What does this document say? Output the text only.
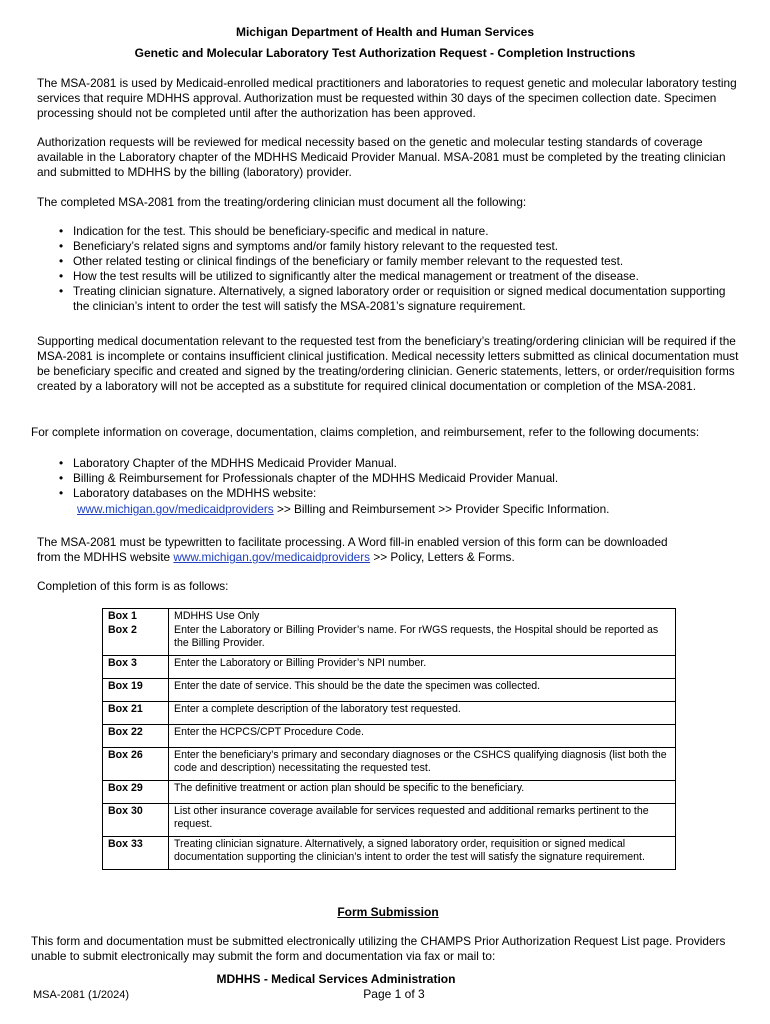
Michigan Department of Health and Human Services
Genetic and Molecular Laboratory Test Authorization Request - Completion Instructions

The MSA-2081 is used by Medicaid-enrolled medical practitioners and laboratories to request genetic and molecular laboratory testing services that require MDHHS approval. Authorization must be requested within 30 days of the specimen collection date. Specimen processing should not be completed until after the authorization has been approved.

Authorization requests will be reviewed for medical necessity based on the genetic and molecular testing standards of coverage available in the Laboratory chapter of the MDHHS Medicaid Provider Manual. MSA-2081 must be completed by the treating clinician and submitted to MDHHS by the billing (laboratory) provider.

The completed MSA-2081 from the treating/ordering clinician must document all the following:

• Indication for the test. This should be beneficiary-specific and medical in nature.
• Beneficiary’s related signs and symptoms and/or family history relevant to the requested test.
• Other related testing or clinical findings of the beneficiary or family member relevant to the requested test.
• How the test results will be utilized to significantly alter the medical management or treatment of the disease.
• Treating clinician signature. Alternatively, a signed laboratory order or requisition or signed medical documentation supporting the clinician’s intent to order the test will satisfy the MSA-2081’s signature requirement.

Supporting medical documentation relevant to the requested test from the beneficiary’s treating/ordering clinician will be required if the MSA-2081 is incomplete or contains insufficient clinical justification. Medical necessity letters submitted as clinical documentation must be beneficiary specific and created and signed by the treating/ordering clinician. Generic statements, letters, or order/requisition forms created by a laboratory will not be accepted as a substitute for required clinical documentation or completion of the MSA-2081.

For complete information on coverage, documentation, claims completion, and reimbursement, refer to the following documents:

• Laboratory Chapter of the MDHHS Medicaid Provider Manual.
• Billing & Reimbursement for Professionals chapter of the MDHHS Medicaid Provider Manual.
• Laboratory databases on the MDHHS website:
www.michigan.gov/medicaidproviders >> Billing and Reimbursement >> Provider Specific Information.

The MSA-2081 must be typewritten to facilitate processing. A Word fill-in enabled version of this form can be downloaded from the MDHHS website www.michigan.gov/medicaidproviders >> Policy, Letters & Forms.

Completion of this form is as follows:

Box 1	MDHHS Use Only
Box 2	Enter the Laboratory or Billing Provider’s name. For rWGS requests, the Hospital should be reported as the Billing Provider.
Box 3	Enter the Laboratory or Billing Provider’s NPI number.
Box 19	Enter the date of service. This should be the date the specimen was collected.
Box 21	Enter a complete description of the laboratory test requested.
Box 22	Enter the HCPCS/CPT Procedure Code.
Box 26	Enter the beneficiary’s primary and secondary diagnoses or the CSHCS qualifying diagnosis (list both the code and description) necessitating the requested test.
Box 29	The definitive treatment or action plan should be specific to the beneficiary.
Box 30	List other insurance coverage available for services requested and additional remarks pertinent to the request.
Box 33	Treating clinician signature. Alternatively, a signed laboratory order, requisition or signed medical documentation supporting the clinician’s intent to order the test will satisfy the signature requirement.
Form Submission

This form and documentation must be submitted electronically utilizing the CHAMPS Prior Authorization Request List page. Providers unable to submit electronically may submit the form and documentation via fax or mail to:

MDHHS - Medical Services Administration
MSA-2081 (1/2024)	Page 1 of 3
